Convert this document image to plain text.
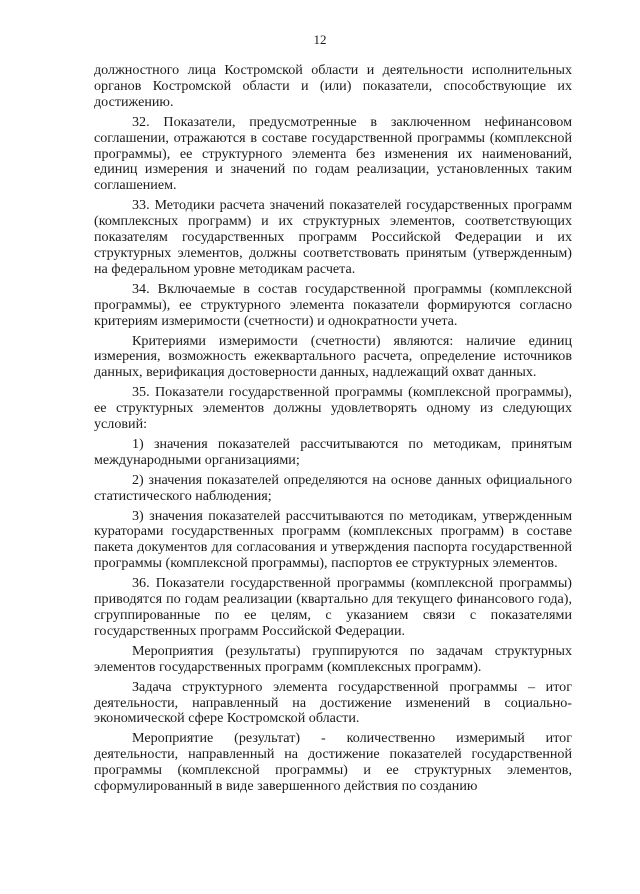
12

должностного лица Костромской области и деятельности исполнительных органов Костромской области и (или) показатели, способствующие их достижению.

32. Показатели, предусмотренные в заключенном нефинансовом соглашении, отражаются в составе государственной программы (комплексной программы), ее структурного элемента без изменения их наименований, единиц измерения и значений по годам реализации, установленных таким соглашением.

33. Методики расчета значений показателей государственных программ (комплексных программ) и их структурных элементов, соответствующих показателям государственных программ Российской Федерации и их структурных элементов, должны соответствовать принятым (утвержденным) на федеральном уровне методикам расчета.

34. Включаемые в состав государственной программы (комплексной программы), ее структурного элемента показатели формируются согласно критериям измеримости (счетности) и однократности учета.

Критериями измеримости (счетности) являются: наличие единиц измерения, возможность ежеквартального расчета, определение источников данных, верификация достоверности данных, надлежащий охват данных.

35. Показатели государственной программы (комплексной программы), ее структурных элементов должны удовлетворять одному из следующих условий:

1) значения показателей рассчитываются по методикам, принятым международными организациями;

2) значения показателей определяются на основе данных официального статистического наблюдения;

3) значения показателей рассчитываются по методикам, утвержденным кураторами государственных программ (комплексных программ) в составе пакета документов для согласования и утверждения паспорта государственной программы (комплексной программы), паспортов ее структурных элементов.

36. Показатели государственной программы (комплексной программы) приводятся по годам реализации (квартально для текущего финансового года), сгруппированные по ее целям, с указанием связи с показателями государственных программ Российской Федерации.

Мероприятия (результаты) группируются по задачам структурных элементов государственных программ (комплексных программ).

Задача структурного элемента государственной программы – итог деятельности, направленный на достижение изменений в социально-экономической сфере Костромской области.

Мероприятие (результат) - количественно измеримый итог деятельности, направленный на достижение показателей государственной программы (комплексной программы) и ее структурных элементов, сформулированный в виде завершенного действия по созданию
